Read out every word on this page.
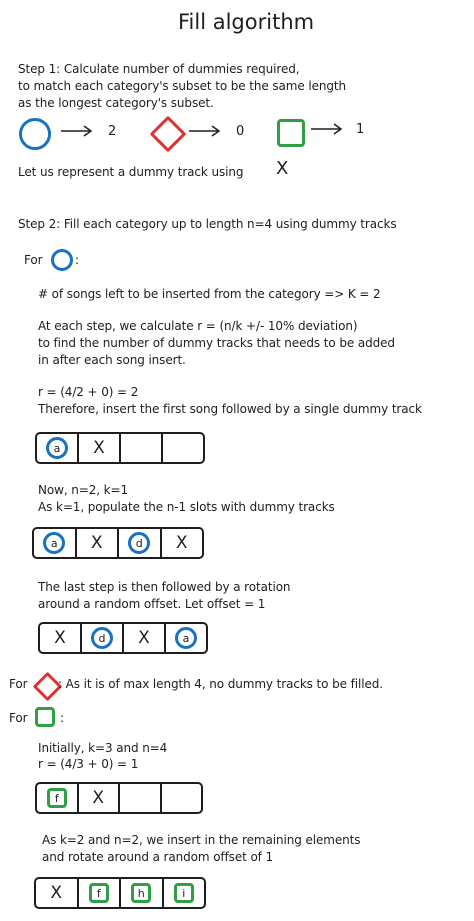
Fill algorithm
Step 1: Calculate number of dummies required,
to match each category's subset to be the same length
as the longest category's subset.
2	0	1
Let us represent a dummy track using X
Step 2: Fill each category up to length n=4 using dummy tracks
For	:
# of songs left to be inserted from the category => K = 2
At each step, we calculate r = (n/k +/- 10% deviation)
to find the number of dummy tracks that needs to be added
in after each song insert.
r = (4/2 + 0) = 2
Therefore, insert the first song followed by a single dummy track
a	X
Now, n=2, k=1
As k=1, populate the n-1 slots with dummy tracks
a	X	d	X
The last step is then followed by a rotation
around a random offset. Let offset = 1
X	d	X	a
For	: As it is of max length 4, no dummy tracks to be filled.
For	:
Initially, k=3 and n=4
r = (4/3 + 0) = 1
f	X
As k=2 and n=2, we insert in the remaining elements
and rotate around a random offset of 1
X	f	h	i
